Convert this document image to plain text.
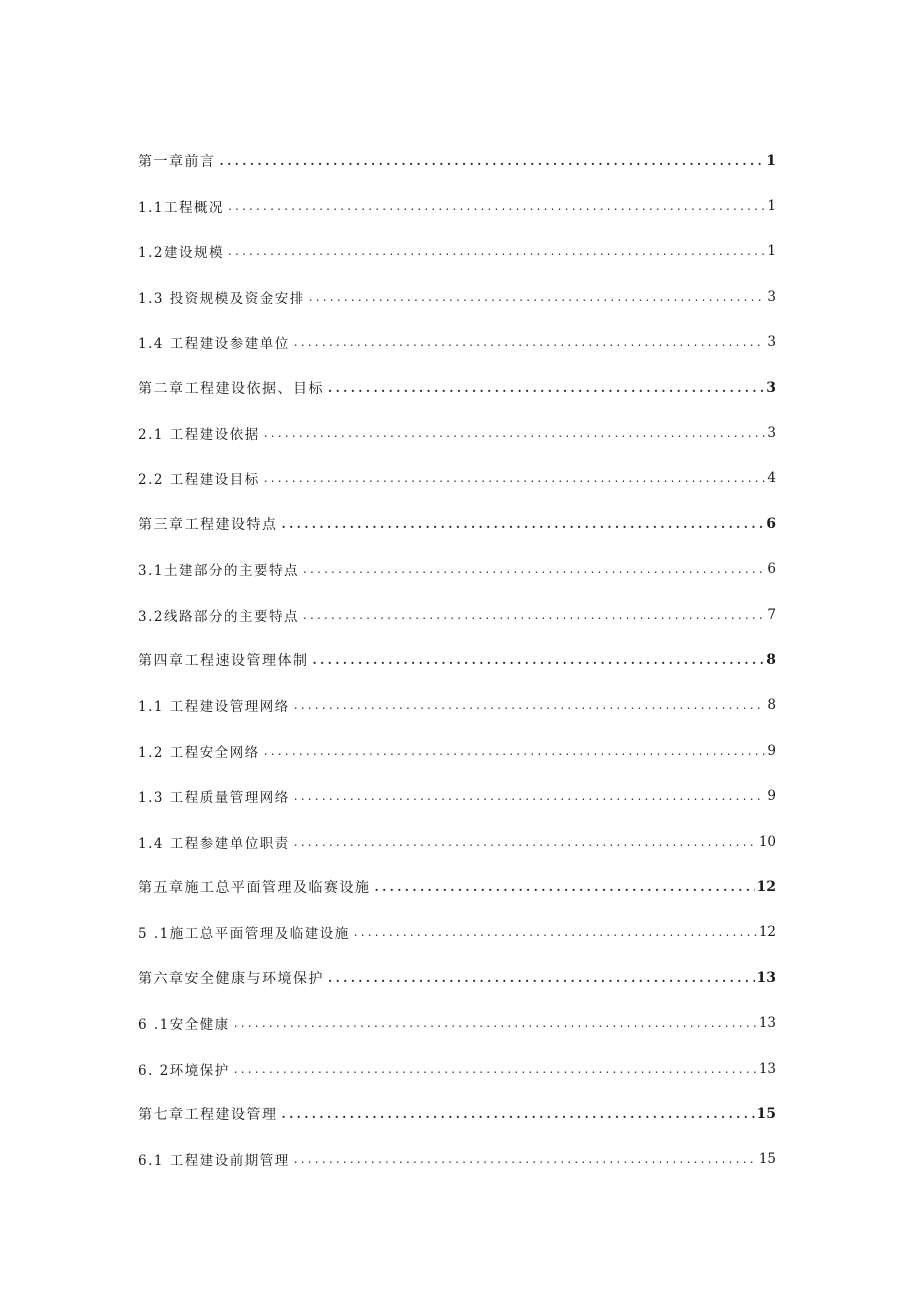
第一章前言 .....	1
1.1工程概况 .....	1
1.2建设规模 .....	1
1.3 投资规模及资金安排 .....	3
1.4 工程建设参建单位 .....	3
第二章工程建设依据、目标 .....	3
2.1 工程建设依据 .....	3
2.2 工程建设目标 .....	4
第三章工程建设特点 .....	6
3.1土建部分的主要特点 .....	6
3.2线路部分的主要特点 .....	7
第四章工程速设管理体制 .....	8
1.1 工程建设管理网络 .....	8
1.2 工程安全网络 .....	9
1.3 工程质量管理网络 .....	9
1.4 工程参建单位职责 .....	10
第五章施工总平面管理及临赛设施 .....	12
5 .1施工总平面管理及临建设施 .....	12
第六章安全健康与环境保护 .....	13
6 .1安全健康 .....	13
6. 2环境保护 .....	13
第七章工程建设管理 .....	15
6.1 工程建设前期管理 .....	15
